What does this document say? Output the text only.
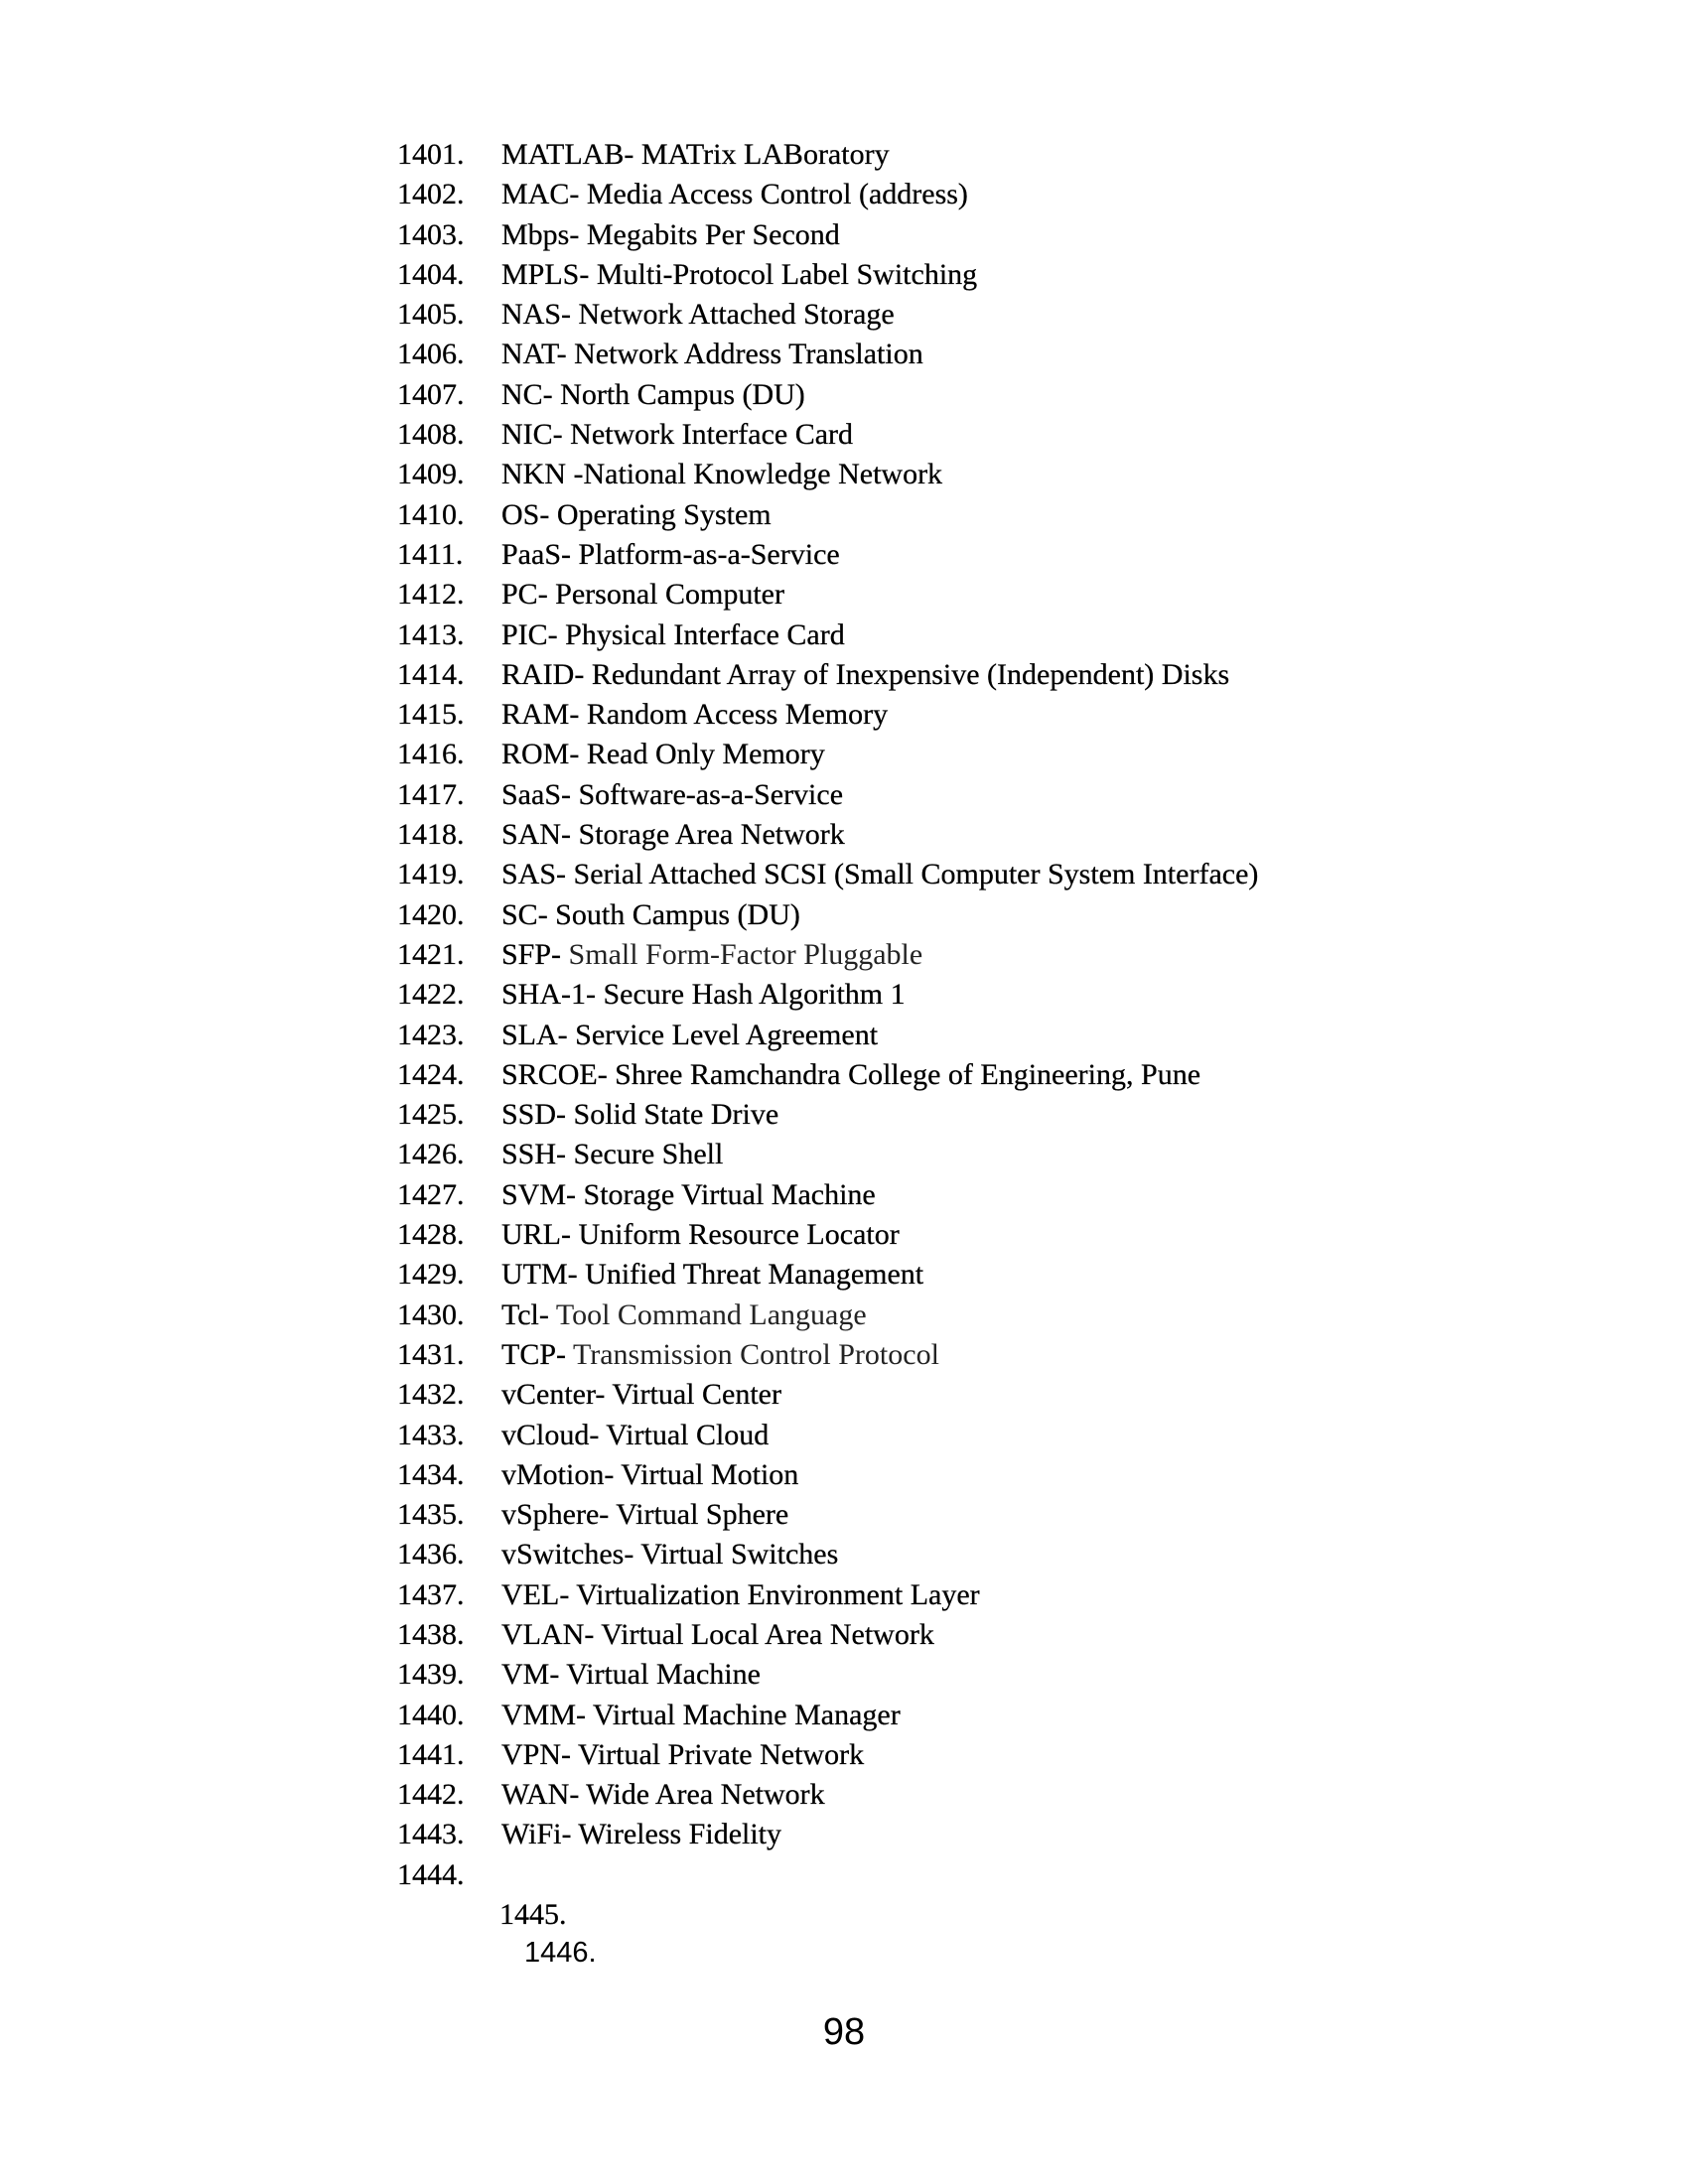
1401.	MATLAB- MATrix LABoratory
1402.	MAC- Media Access Control (address)
1403.	Mbps- Megabits Per Second
1404.	MPLS- Multi-Protocol Label Switching
1405.	NAS- Network Attached Storage
1406.	NAT- Network Address Translation
1407.	NC- North Campus (DU)
1408.	NIC- Network Interface Card
1409.	NKN -National Knowledge Network
1410.	OS- Operating System
1411.	PaaS- Platform-as-a-Service
1412.	PC- Personal Computer
1413.	PIC- Physical Interface Card
1414.	RAID- Redundant Array of Inexpensive (Independent) Disks
1415.	RAM- Random Access Memory
1416.	ROM- Read Only Memory
1417.	SaaS- Software-as-a-Service
1418.	SAN- Storage Area Network
1419.	SAS- Serial Attached SCSI (Small Computer System Interface)
1420.	SC- South Campus (DU)
1421.	SFP- Small Form-Factor Pluggable
1422.	SHA-1- Secure Hash Algorithm 1
1423.	SLA- Service Level Agreement
1424.	SRCOE- Shree Ramchandra College of Engineering, Pune
1425.	SSD- Solid State Drive
1426.	SSH- Secure Shell
1427.	SVM- Storage Virtual Machine
1428.	URL- Uniform Resource Locator
1429.	UTM- Unified Threat Management
1430.	Tcl- Tool Command Language
1431.	TCP- Transmission Control Protocol
1432.	vCenter- Virtual Center
1433.	vCloud- Virtual Cloud
1434.	vMotion- Virtual Motion
1435.	vSphere- Virtual Sphere
1436.	vSwitches- Virtual Switches
1437.	VEL- Virtualization Environment Layer
1438.	VLAN- Virtual Local Area Network
1439.	VM- Virtual Machine
1440.	VMM- Virtual Machine Manager
1441.	VPN- Virtual Private Network
1442.	WAN- Wide Area Network
1443.	WiFi- Wireless Fidelity
1444.
1445.
1446.
98
